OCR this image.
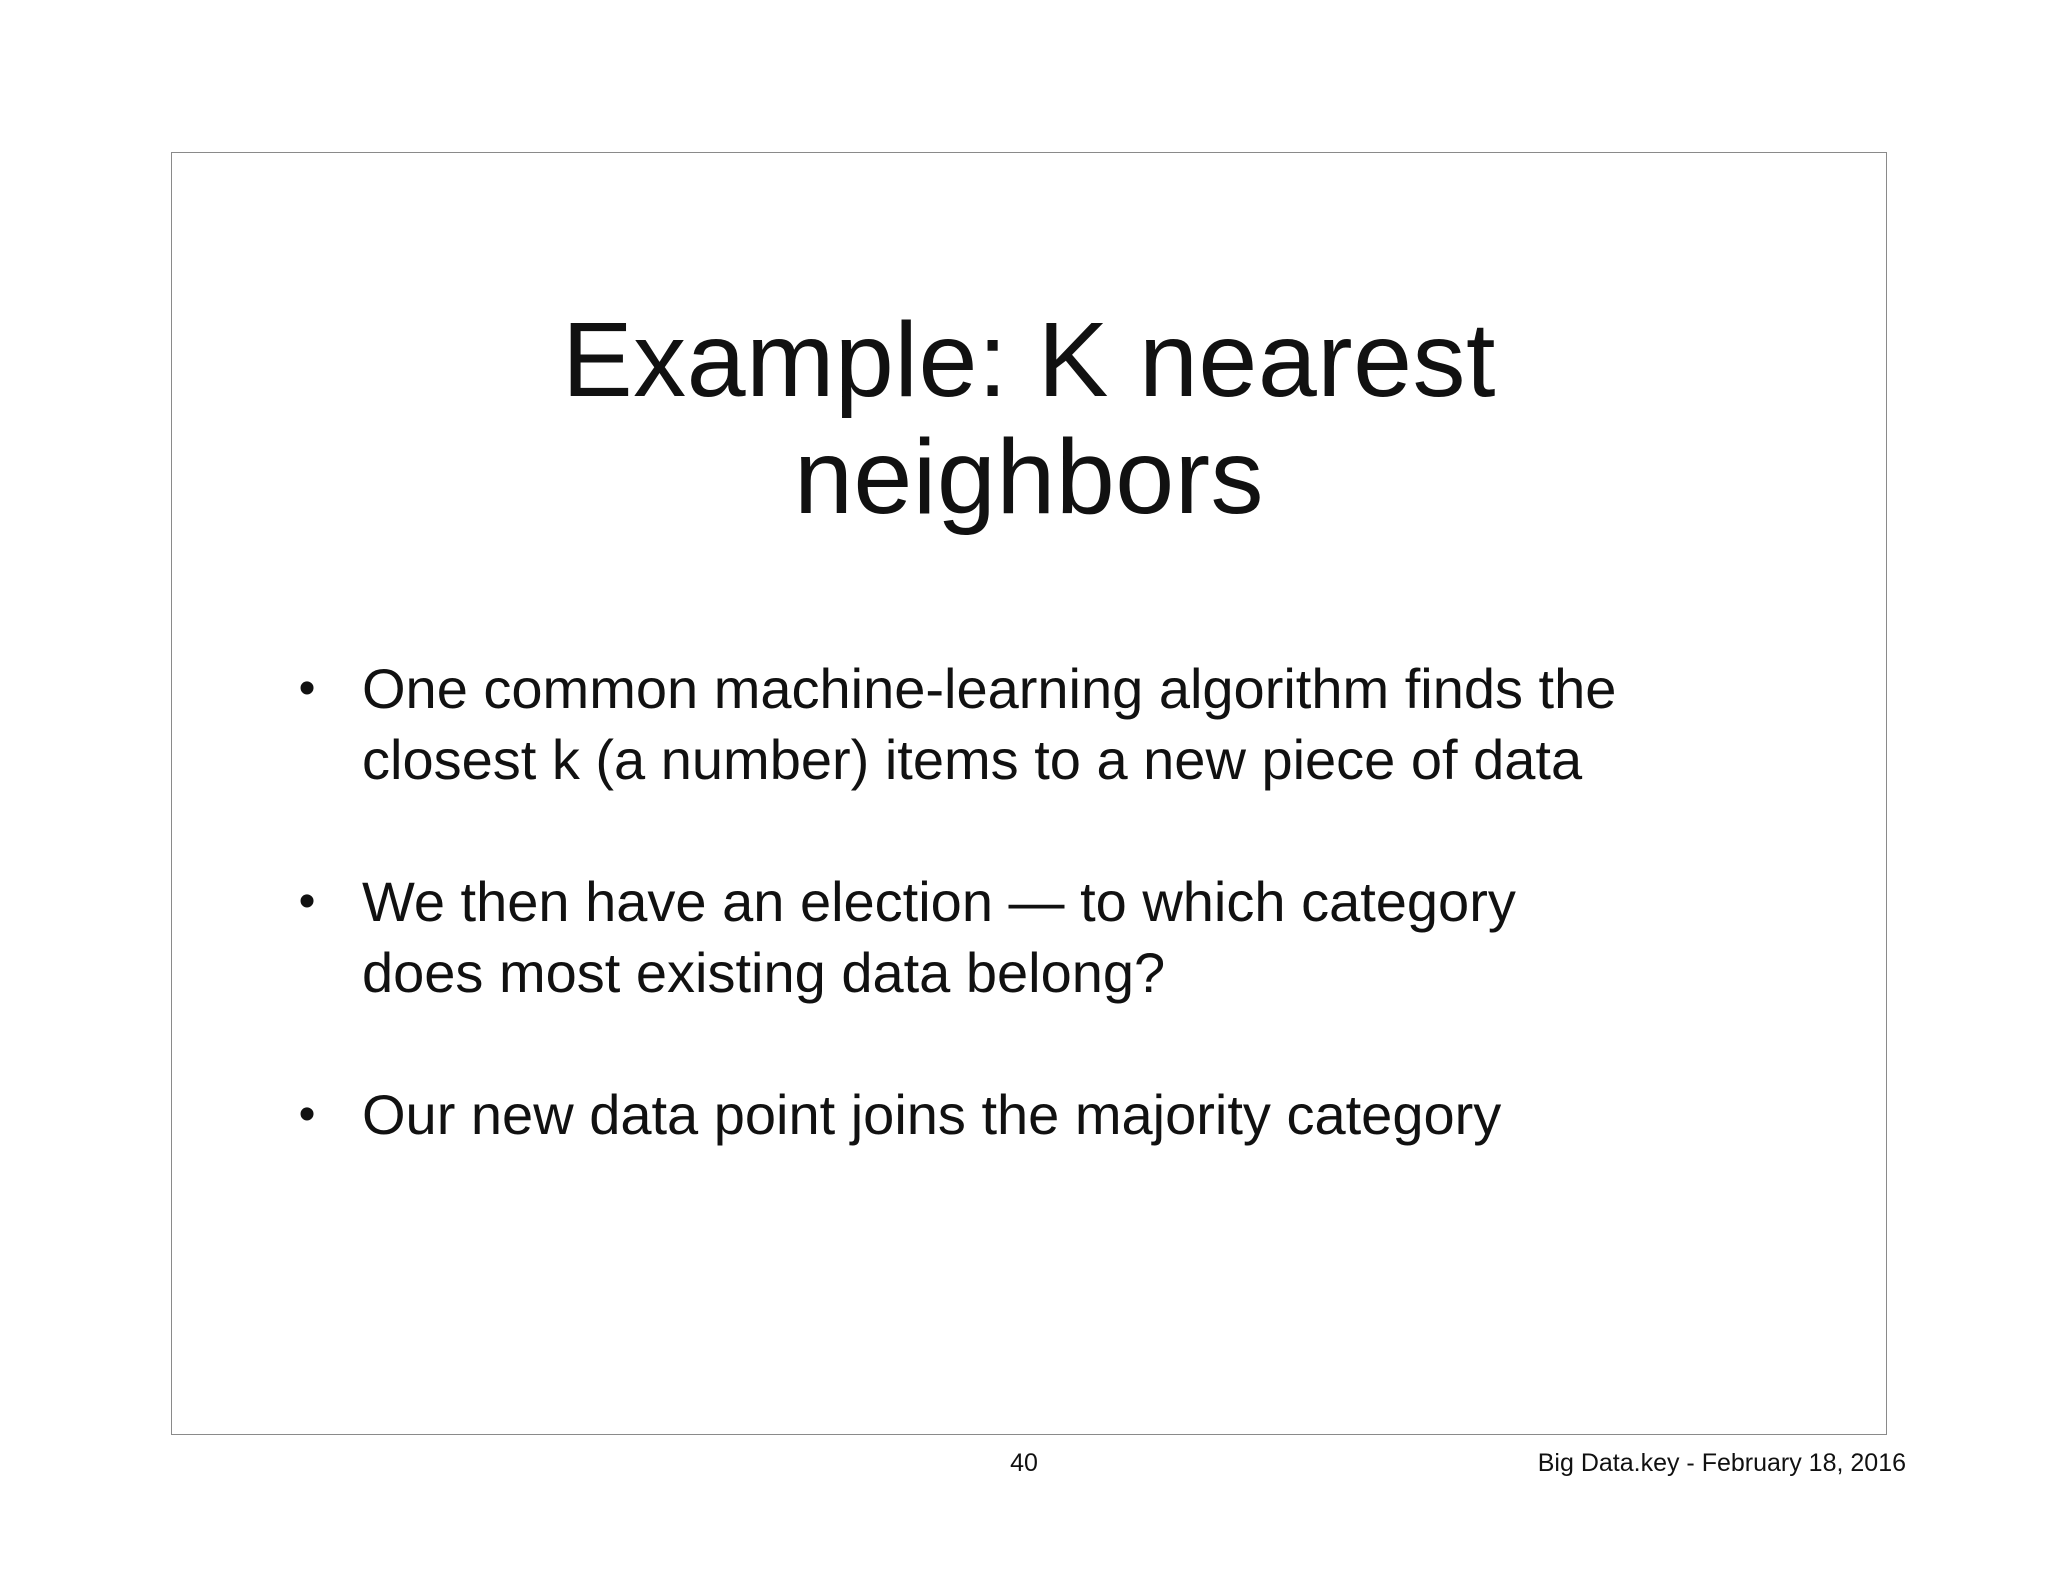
Example: K nearest
neighbors
• One common machine-learning algorithm finds the
closest k (a number) items to a new piece of data
• We then have an election — to which category
does most existing data belong?
• Our new data point joins the majority category
40	Big Data.key - February 18, 2016
